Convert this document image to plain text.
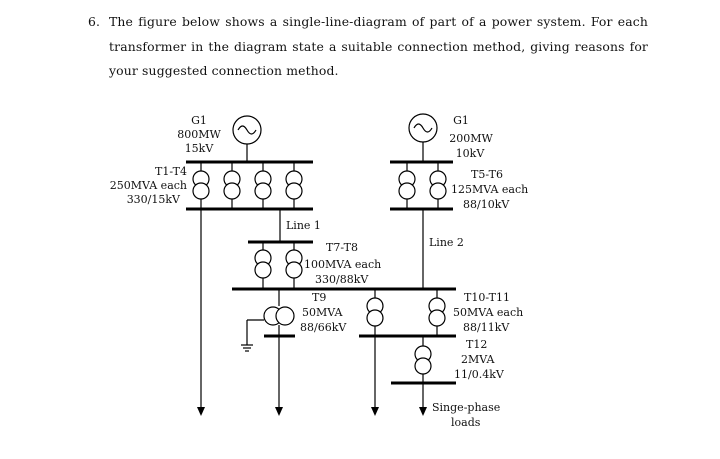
6. The figure below shows a single-line-diagram of part of a power system. For each transformer in the diagram state a suitable connection method, giving reasons for your suggested connection method.
G1
800MW
15kV
T1-T4
250MVA each
330/15kV
Line 1
T7-T8
100MVA each
330/88kV
T9
50MVA
88/66kV
G1
200MW
10kV
T5-T6
125MVA each
88/10kV
Line 2
T10-T11
50MVA each
88/11kV
T12
2MVA
11/0.4kV
Singe-phase
loads
